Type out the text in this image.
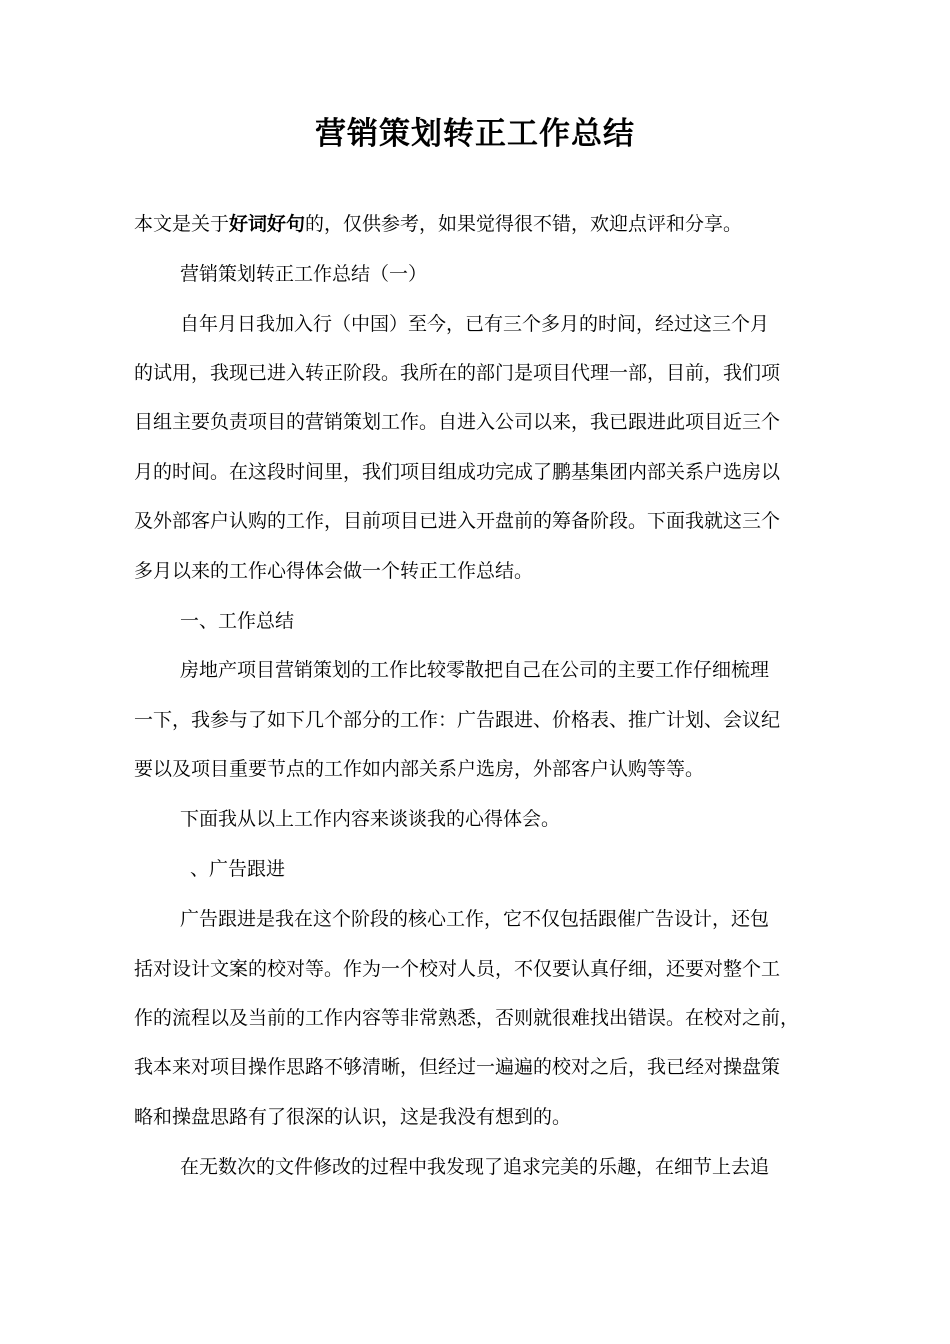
营销策划转正工作总结
本文是关于好词好句的，仅供参考，如果觉得很不错，欢迎点评和分享。
营销策划转正工作总结（一）
自年月日我加入行（中国）至今，已有三个多月的时间，经过这三个月
的试用，我现已进入转正阶段。我所在的部门是项目代理一部，目前，我们项
目组主要负责项目的营销策划工作。自进入公司以来，我已跟进此项目近三个
月的时间。在这段时间里，我们项目组成功完成了鹏基集团内部关系户选房以
及外部客户认购的工作，目前项目已进入开盘前的筹备阶段。下面我就这三个
多月以来的工作心得体会做一个转正工作总结。
一、工作总结
房地产项目营销策划的工作比较零散把自己在公司的主要工作仔细梳理
一下，我参与了如下几个部分的工作：广告跟进、价格表、推广计划、会议纪
要以及项目重要节点的工作如内部关系户选房，外部客户认购等等。
下面我从以上工作内容来谈谈我的心得体会。
、广告跟进
广告跟进是我在这个阶段的核心工作，它不仅包括跟催广告设计，还包
括对设计文案的校对等。作为一个校对人员，不仅要认真仔细，还要对整个工
作的流程以及当前的工作内容等非常熟悉，否则就很难找出错误。在校对之前，
我本来对项目操作思路不够清晰，但经过一遍遍的校对之后，我已经对操盘策
略和操盘思路有了很深的认识，这是我没有想到的。
在无数次的文件修改的过程中我发现了追求完美的乐趣，在细节上去追
